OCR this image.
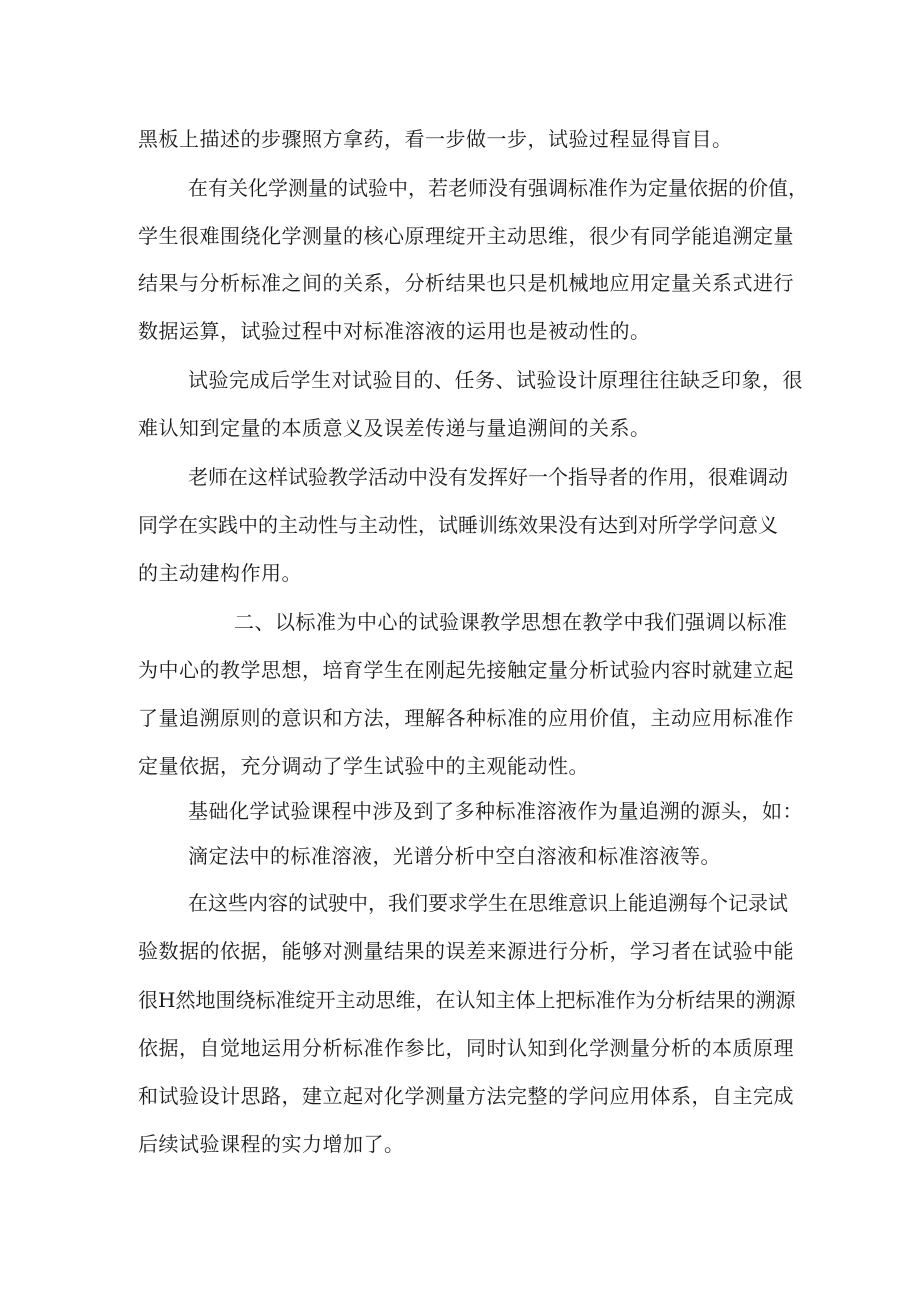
黑板上描述的步骤照方拿药，看一步做一步，试验过程显得盲目。
在有关化学测量的试验中，若老师没有强调标准作为定量依据的价值，
学生很难围绕化学测量的核心原理绽开主动思维，很少有同学能追溯定量
结果与分析标准之间的关系，分析结果也只是机械地应用定量关系式进行
数据运算，试验过程中对标准溶液的运用也是被动性的。
试验完成后学生对试验目的、任务、试验设计原理往往缺乏印象，很
难认知到定量的本质意义及误差传递与量追溯间的关系。
老师在这样试验教学活动中没有发挥好一个指导者的作用，很难调动
同学在实践中的主动性与主动性，试睡训练效果没有达到对所学学问意义
的主动建构作用。
二、以标准为中心的试验课教学思想在教学中我们强调以标准
为中心的教学思想，培育学生在刚起先接触定量分析试验内容时就建立起
了量追溯原则的意识和方法，理解各种标准的应用价值，主动应用标准作
定量依据，充分调动了学生试验中的主观能动性。
基础化学试验课程中涉及到了多种标准溶液作为量追溯的源头，如：
滴定法中的标准溶液，光谱分析中空白溶液和标准溶液等。
在这些内容的试驶中，我们要求学生在思维意识上能追溯每个记录试
验数据的依据，能够对测量结果的误差来源进行分析，学习者在试验中能
很H然地围绕标准绽开主动思维，在认知主体上把标准作为分析结果的溯源
依据，自觉地运用分析标准作参比，同时认知到化学测量分析的本质原理
和试验设计思路，建立起对化学测量方法完整的学问应用体系，自主完成
后续试验课程的实力增加了。
